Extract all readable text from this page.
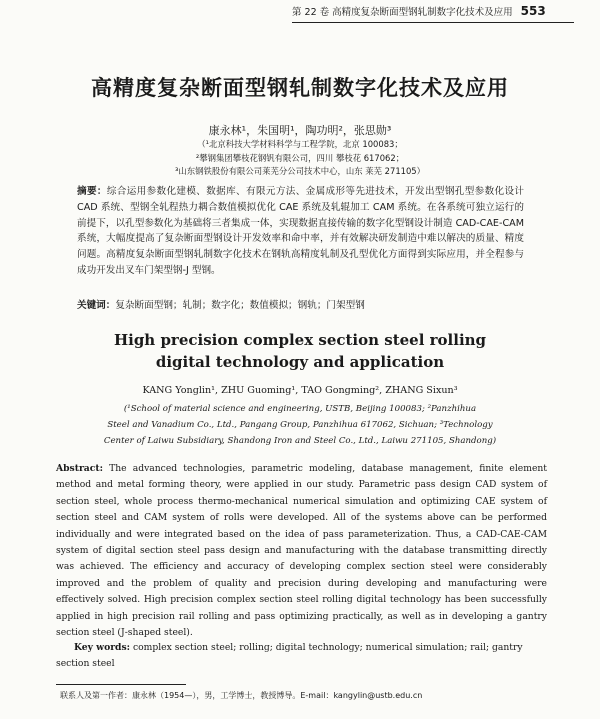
第 22 卷 高精度复杂断面型钢轧制数字化技术及应用 553
高精度复杂断面型钢轧制数字化技术及应用
康永林¹，朱国明¹，陶功明²，张思勋³
（¹北京科技大学材料科学与工程学院，北京 100083；
²攀钢集团攀枝花钢钒有限公司，四川 攀枝花 617062；
³山东钢铁股份有限公司莱芜分公司技术中心，山东 莱芜 271105）
摘要：综合运用参数化建模、数据库、有限元方法、金属成形等先进技术，开发出型钢孔型参数化设计 CAD 系统、型钢全轧程热力耦合数值模拟优化 CAE 系统及轧辊加工 CAM 系统。在各系统可独立运行的前提下，以孔型参数化为基础将三者集成一体，实现数据直接传输的数字化型钢设计制造 CAD-CAE-CAM 系统，大幅度提高了复杂断面型钢设计开发效率和命中率，并有效解决研发制造中难以解决的质量、精度问题。高精度复杂断面型钢轧制数字化技术在钢轨高精度轧制及孔型优化方面得到实际应用，并全程参与成功开发出叉车门架型钢-J 型钢。
关键词：复杂断面型钢；轧制；数字化；数值模拟；钢轨；门架型钢
High precision complex section steel rolling
digital technology and application
KANG Yonglin¹, ZHU Guoming¹, TAO Gongming², ZHANG Sixun³
(¹School of material science and engineering, USTB, Beijing 100083; ²Panzhihua
Steel and Vanadium Co., Ltd., Pangang Group, Panzhihua 617062, Sichuan; ³Technology
Center of Laiwu Subsidiary, Shandong Iron and Steel Co., Ltd., Laiwu 271105, Shandong)
Abstract: The advanced technologies, parametric modeling, database management, finite element method and metal forming theory, were applied in our study. Parametric pass design CAD system of section steel, whole process thermo-mechanical numerical simulation and optimizing CAE system of section steel and CAM system of rolls were developed. All of the systems above can be performed individually and were integrated based on the idea of pass parameterization. Thus, a CAD-CAE-CAM system of digital section steel pass design and manufacturing with the database transmitting directly was achieved. The efficiency and accuracy of developing complex section steel were considerably improved and the problem of quality and precision during developing and manufacturing were effectively solved. High precision complex section steel rolling digital technology has been successfully applied in high precision rail rolling and pass optimizing practically, as well as in developing a gantry section steel (J-shaped steel).
Key words: complex section steel; rolling; digital technology; numerical simulation; rail; gantry section steel
联系人及第一作者：康永林（1954—），男，工学博士，教授博导。E-mail：kangylin@ustb.edu.cn
